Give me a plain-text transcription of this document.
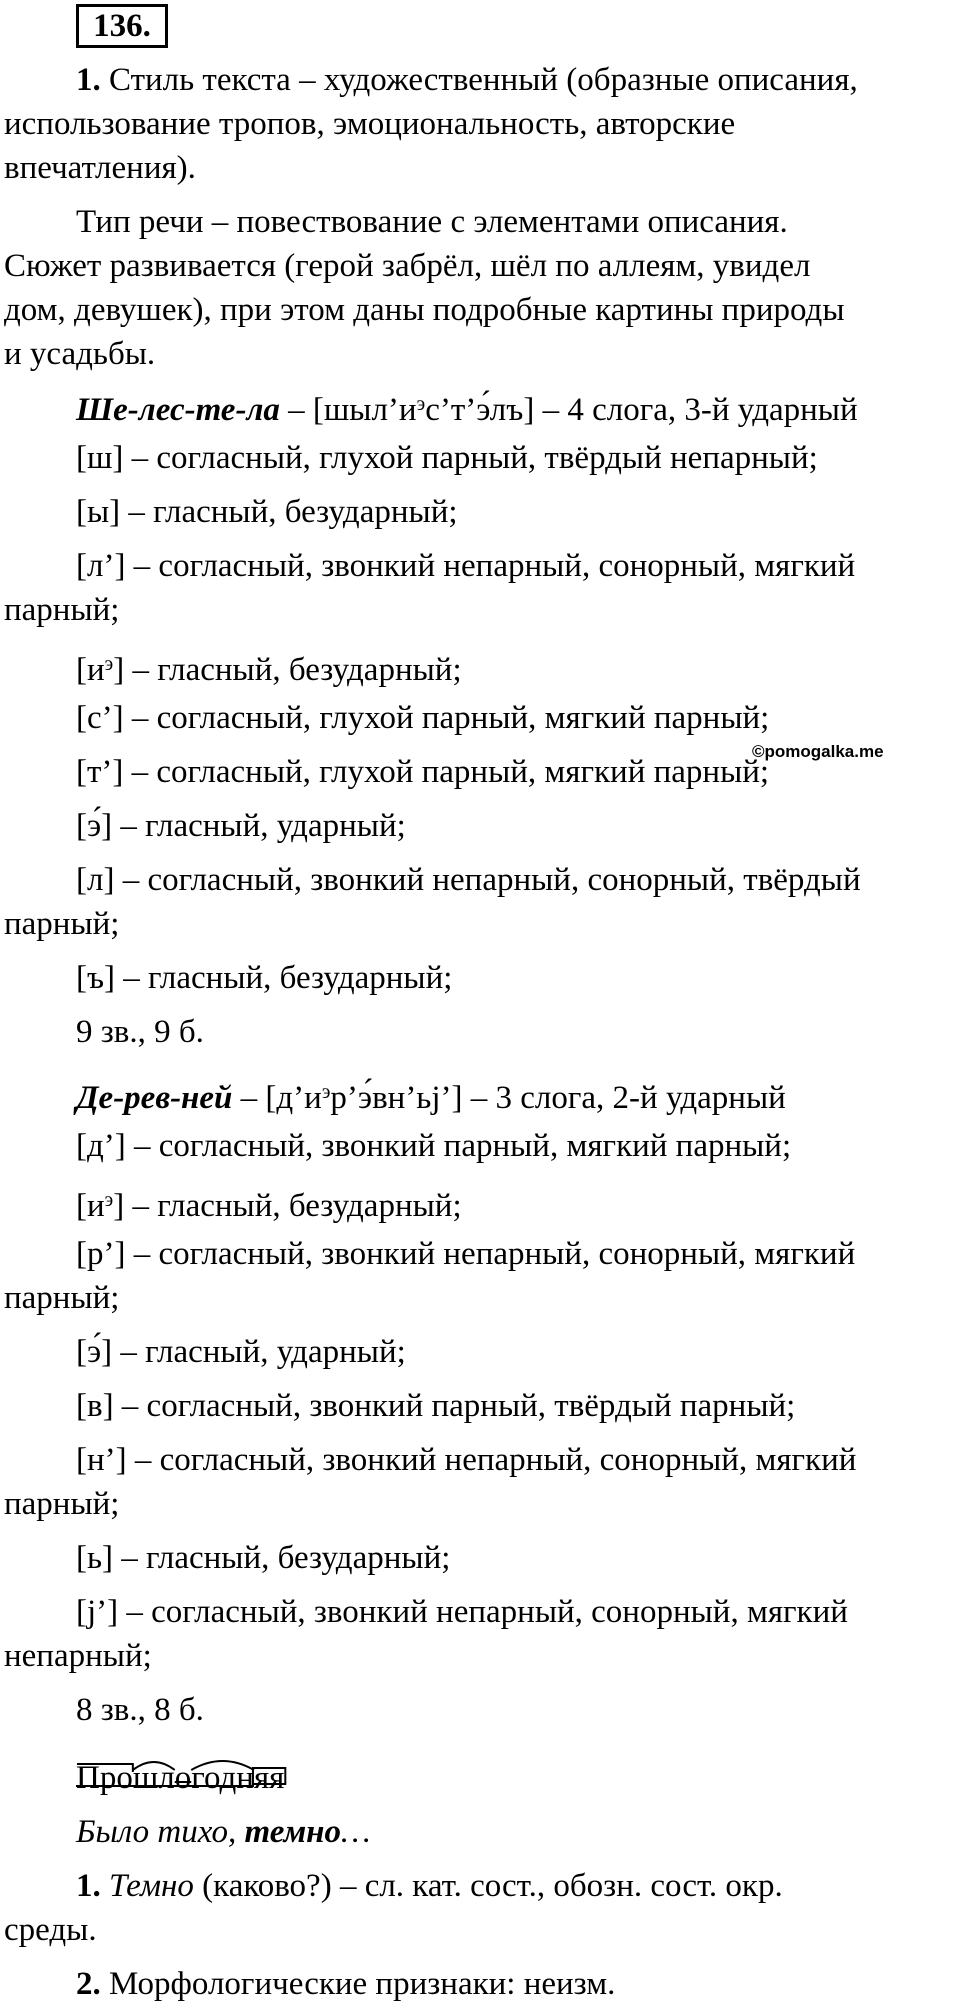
136.
1. Стиль текста – художественный (образные описания,
использование тропов, эмоциональность, авторские
впечатления).
Тип речи – повествование с элементами описания.
Сюжет развивается (герой забрёл, шёл по аллеям, увидел
дом, девушек), при этом даны подробные картины природы
и усадьбы.
$Ше-лес-те-ла - [шыл’и^эс’т’э́лъ] - 4$ слога, 3-й ударный
[ш] – согласный, глухой парный, твёрдый непарный;
[ы] – гласный, безударный;
[л’] – согласный, звонкий непарный, сонорный, мягкий
парный;
$[и^э]$ – гласный, безударный;
[с’] – согласный, глухой парный, мягкий парный;
[т’] – согласный, глухой парный, мягкий парный;
©pomogalka.me
[э́] – гласный, ударный;
[л] – согласный, звонкий непарный, сонорный, твёрдый
парный;
[ъ] – гласный, безударный;
9 зв., 9 б.
$Де-рев-ней - [д’и^эр’э́вн’ьj’] - 3$ слога, 2-й ударный
[д’] – согласный, звонкий парный, мягкий парный;
$[и^э]$ – гласный, безударный;
[р’] – согласный, звонкий непарный, сонорный, мягкий
парный;
[э́] – гласный, ударный;
[в] – согласный, звонкий парный, твёрдый парный;
[н’] – согласный, звонкий непарный, сонорный, мягкий
парный;
[ь] – гласный, безударный;
[j’] – согласный, звонкий непарный, сонорный, мягкий
непарный;
8 зв., 8 б.
Прошлогодняя
Было тихо, темно…
1. Темно (каково?) – сл. кат. сост., обозн. сост. окр.
среды.
2. Морфологические признаки: неизм.
